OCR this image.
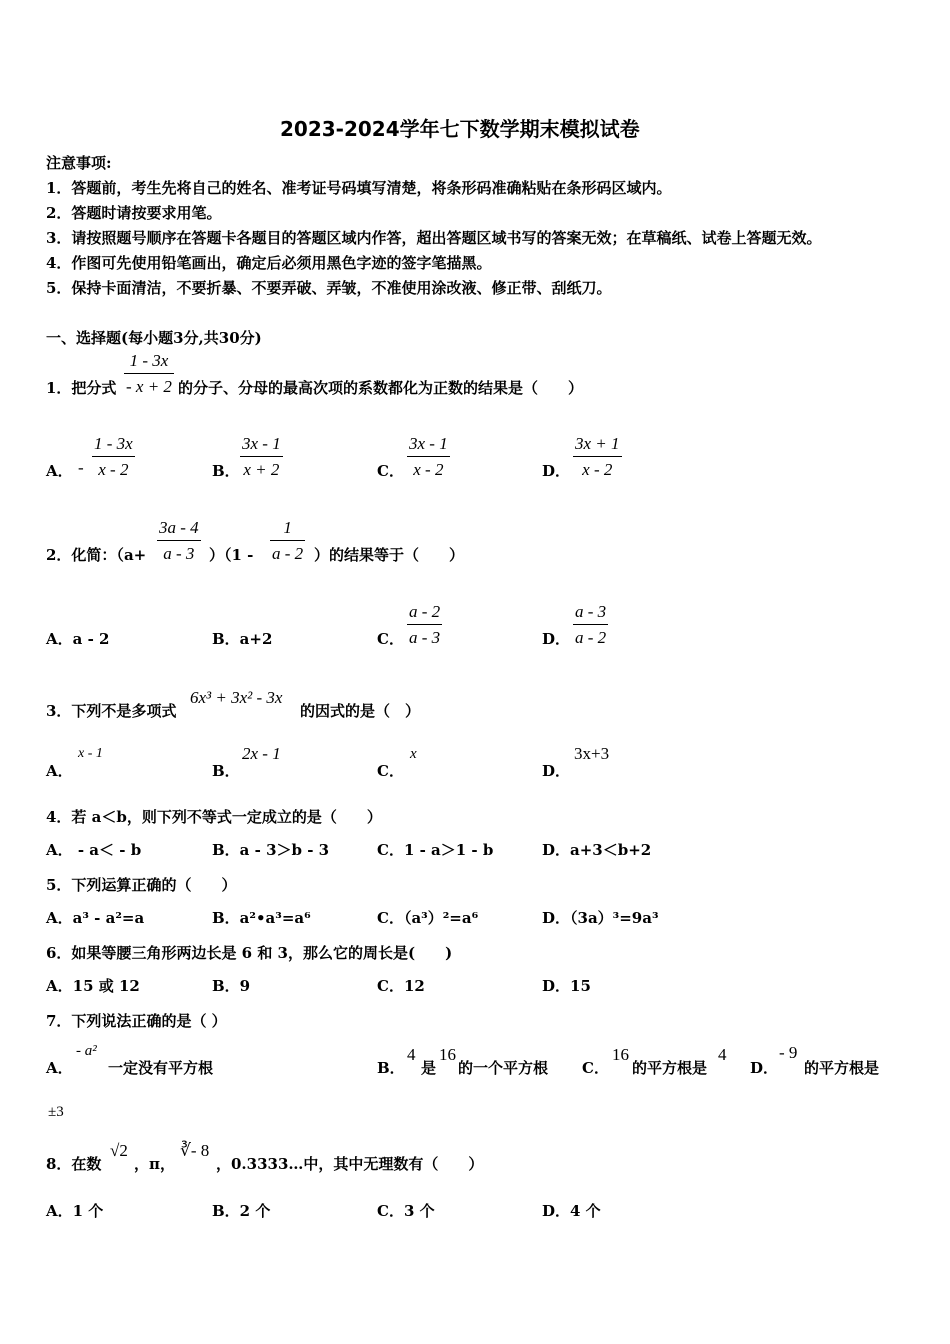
2023-2024学年七下数学期末模拟试卷
注意事项:
1．答题前，考生先将自己的姓名、准考证号码填写清楚，将条形码准确粘贴在条形码区域内。
2．答题时请按要求用笔。
3．请按照题号顺序在答题卡各题目的答题区域内作答，超出答题区域书写的答案无效；在草稿纸、试卷上答题无效。
4．作图可先使用铅笔画出，确定后必须用黑色字迹的签字笔描黑。
5．保持卡面清洁，不要折暴、不要弄破、弄皱，不准使用涂改液、修正带、刮纸刀。
一、选择题(每小题3分,共30分)
1．把分式 $\frac{1 - 3x}{- x + 2}$ 的分子、分母的最高次项的系数都化为正数的结果是（　　）
A． - $\frac{1 - 3x}{x - 2}$	B． $\frac{3x - 1}{x + 2}$	C． $\frac{3x - 1}{x - 2}$	D． $\frac{3x + 1}{x - 2}$
2．化简：$(a+ \frac{3a - 4}{a - 3} )(1 - \frac{1}{a - 2}$ ）的结果等于（　　）
A．a - 2	B．a+2	C． $\frac{a - 2}{a - 3}$	D． $\frac{a - 3}{a - 2}$
3．下列不是多项式
6x³ + 3x² - 3x
的因式的是（　）
A．
x - 1
B．
2x - 1
C．
x
D．
3x+3
4．若 a＜b，则下列不等式一定成立的是（　　）
A． - a＜ - b	B．a - 3＞b - 3	C．1 - a＞1 - b	D．a+3＜b+2
5．下列运算正确的（　　）
A．a³ - a²=a	B．a²•a³=a⁶	C．（a³）²=a⁶	D．（3a）³=9a³
6．如果等腰三角形两边长是 6 和 3，那么它的周长是(　　)
A．15 或 12	B．9	C．12	D．15
7．下列说法正确的是（ ）
A．
- a²
一定没有平方根	B．
4
是
16
的一个平方根 C．
16
的平方根是
4
D．
- 9
的平方根是
±3
8．在数
√2
，π，
∛- 8
，0.3333…中，其中无理数有（　　）
A．1 个	B．2 个	C．3 个	D．4 个
